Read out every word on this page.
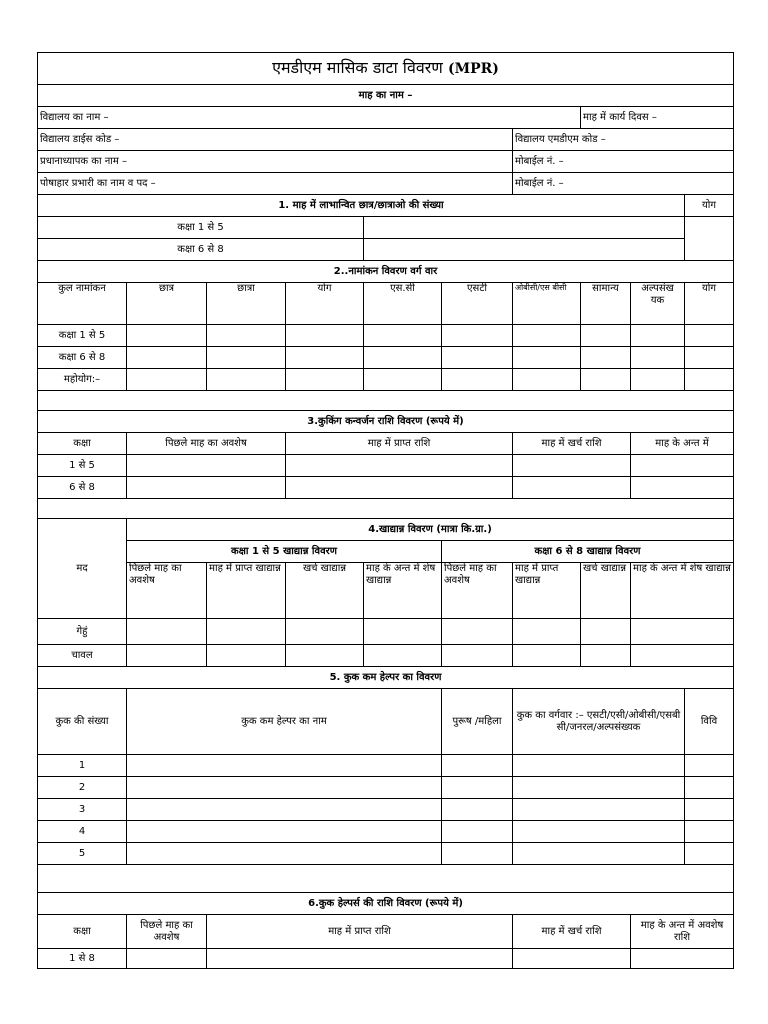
एमडीएम मासिक डाटा विवरण (MPR)									
माह का नाम –									
विद्यालय का नाम –							माह में कार्य दिवस –		
विद्यालय डाईस कोड –						विद्यालय एमडीएम कोड –			
प्रधानाध्यापक का नाम –						मोबाईल नं. –			
पोषाहार प्रभारी का नाम व पद –						मोबाईल नं. –			
1. माह में लाभान्वित छात्र/छात्राओ की संख्या									योग
कक्षा 1 से 5									
कक्षा 6 से 8									
2..नामांकन विवरण वर्ग वार									
कुल नामांकन	छात्र	छात्रा	योग	एस.सी	एसटी	ओबीसी/एस बीसी	सामान्य	अल्पसंख यक	योग
कक्षा 1 से 5									
कक्षा 6 से 8									
महोयोग:–									

3.कुकिंग कन्वर्जन राशि विवरण (रूपये में)									
कक्षा	पिछले माह का अवशेष		माह में प्राप्त राशि			माह में खर्च राशि		माह के अन्त में	
1 से 5									
6 से 8									

मद	4.खाद्यान्न विवरण (मात्रा कि.ग्रा.)								
	कक्षा 1 से 5 खाद्यान्न विवरण				कक्षा 6 से 8 खाद्यान्न विवरण				
	पिछले माह का अवशेष	माह में प्राप्त खाद्यान्न	खर्च खाद्यान्न	माह के अन्त में शेष खाद्यान्न	पिछले माह का अवशेष	माह में प्राप्त खाद्यान्न	खर्च खाद्यान्न	माह के अन्त में शेष खाद्यान्न	
गेहुं									
चावल									
5. कुक कम हेल्पर का विवरण									
कुक की संख्या	कुक कम हेल्पर का नाम				पुरूष /महिला	कुक का वर्गवार :– एसटी/एसी/ओबीसी/एसबी सी/जनरल/अल्पसंख्यक			विवि
1									
2									
3									
4									
5									

6.कुक हेल्पर्स की राशि विवरण (रूपये में)									
कक्षा	पिछले माह का अवशेष	माह में प्राप्त राशि				माह में खर्च राशि		माह के अन्त में अवशेष राशि	
1 से 8									
